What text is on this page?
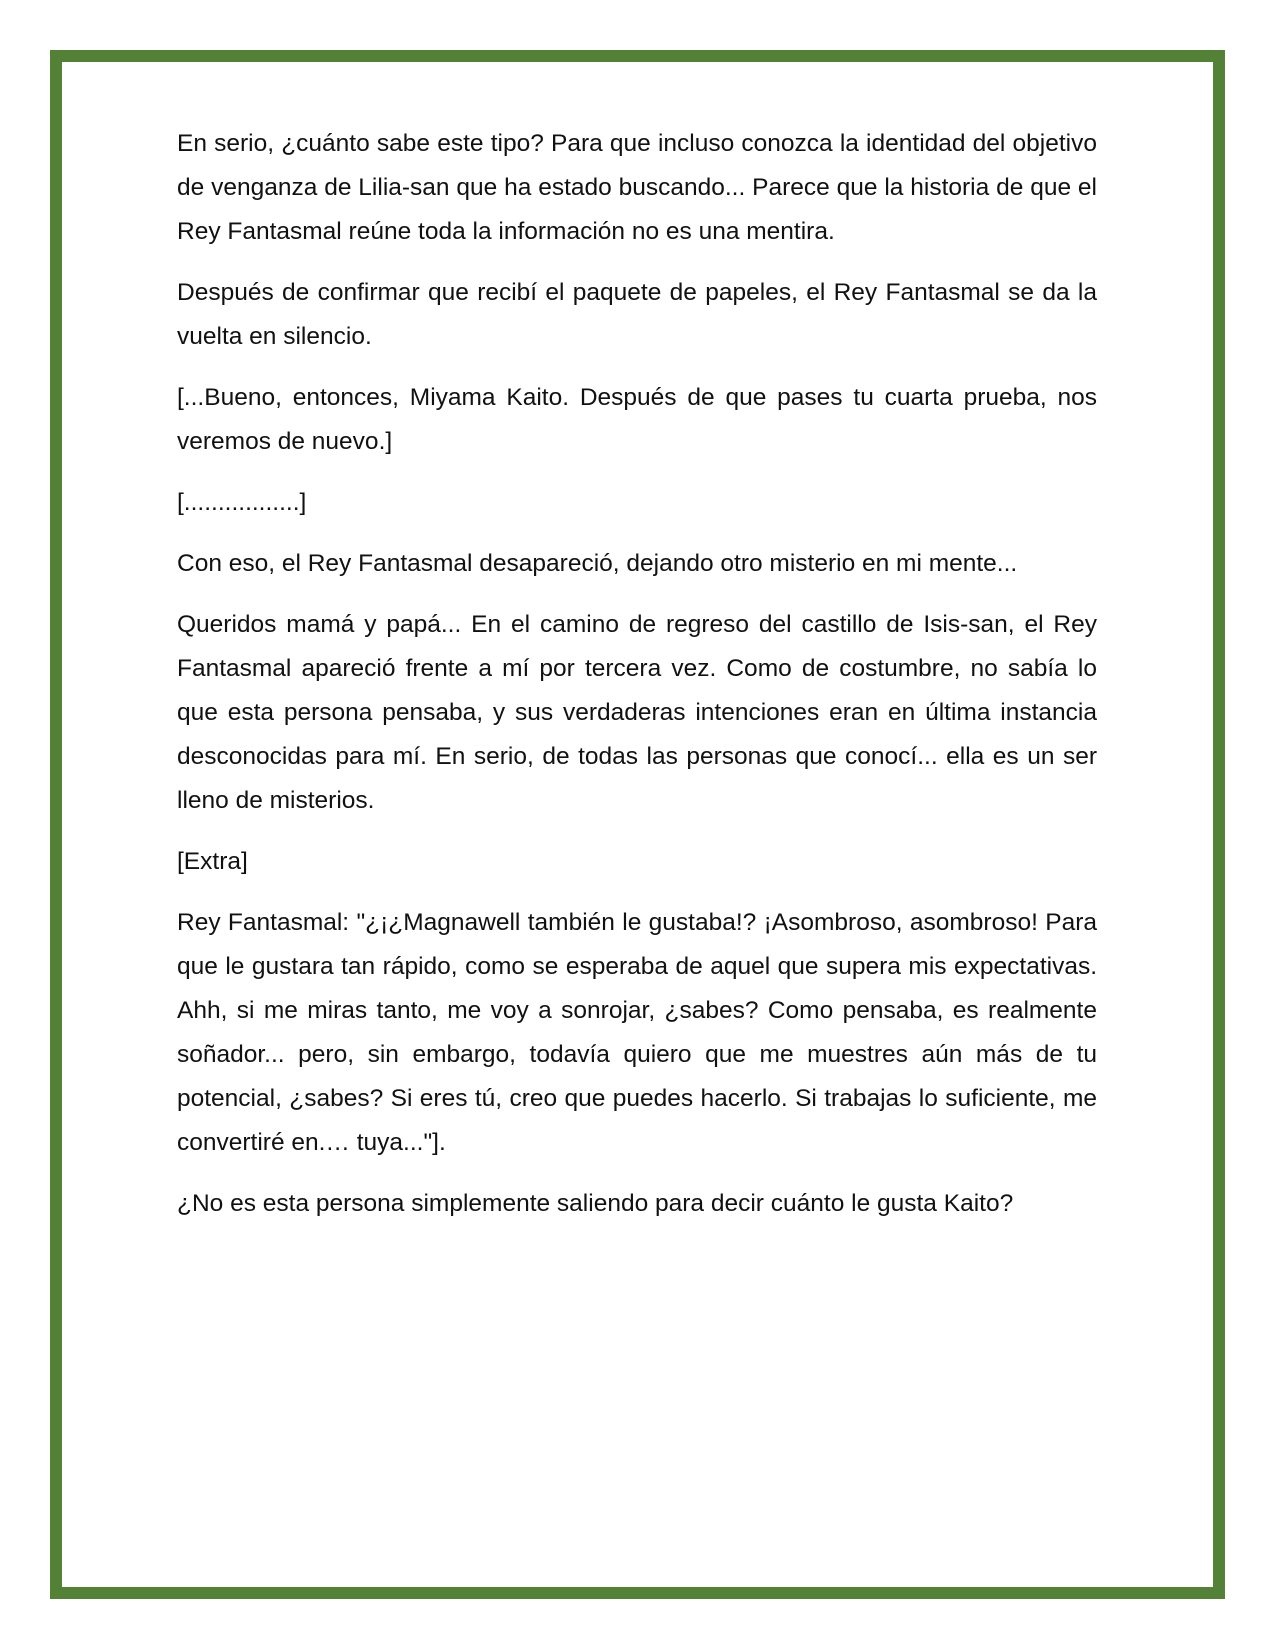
En serio, ¿cuánto sabe este tipo? Para que incluso conozca la identidad del objetivo de venganza de Lilia-san que ha estado buscando... Parece que la historia de que el Rey Fantasmal reúne toda la información no es una mentira.

Después de confirmar que recibí el paquete de papeles, el Rey Fantasmal se da la vuelta en silencio.

[...Bueno, entonces, Miyama Kaito. Después de que pases tu cuarta prueba, nos veremos de nuevo.]

[.................]

Con eso, el Rey Fantasmal desapareció, dejando otro misterio en mi mente...

Queridos mamá y papá... En el camino de regreso del castillo de Isis-san, el Rey Fantasmal apareció frente a mí por tercera vez. Como de costumbre, no sabía lo que esta persona pensaba, y sus verdaderas intenciones eran en última instancia desconocidas para mí. En serio, de todas las personas que conocí... ella es un ser lleno de misterios.

[Extra]

Rey Fantasmal: "¿¡¿Magnawell también le gustaba!? ¡Asombroso, asombroso! Para que le gustara tan rápido, como se esperaba de aquel que supera mis expectativas. Ahh, si me miras tanto, me voy a sonrojar, ¿sabes? Como pensaba, es realmente soñador... pero, sin embargo, todavía quiero que me muestres aún más de tu potencial, ¿sabes? Si eres tú, creo que puedes hacerlo. Si trabajas lo suficiente, me convertiré en.… tuya..."].

¿No es esta persona simplemente saliendo para decir cuánto le gusta Kaito?
